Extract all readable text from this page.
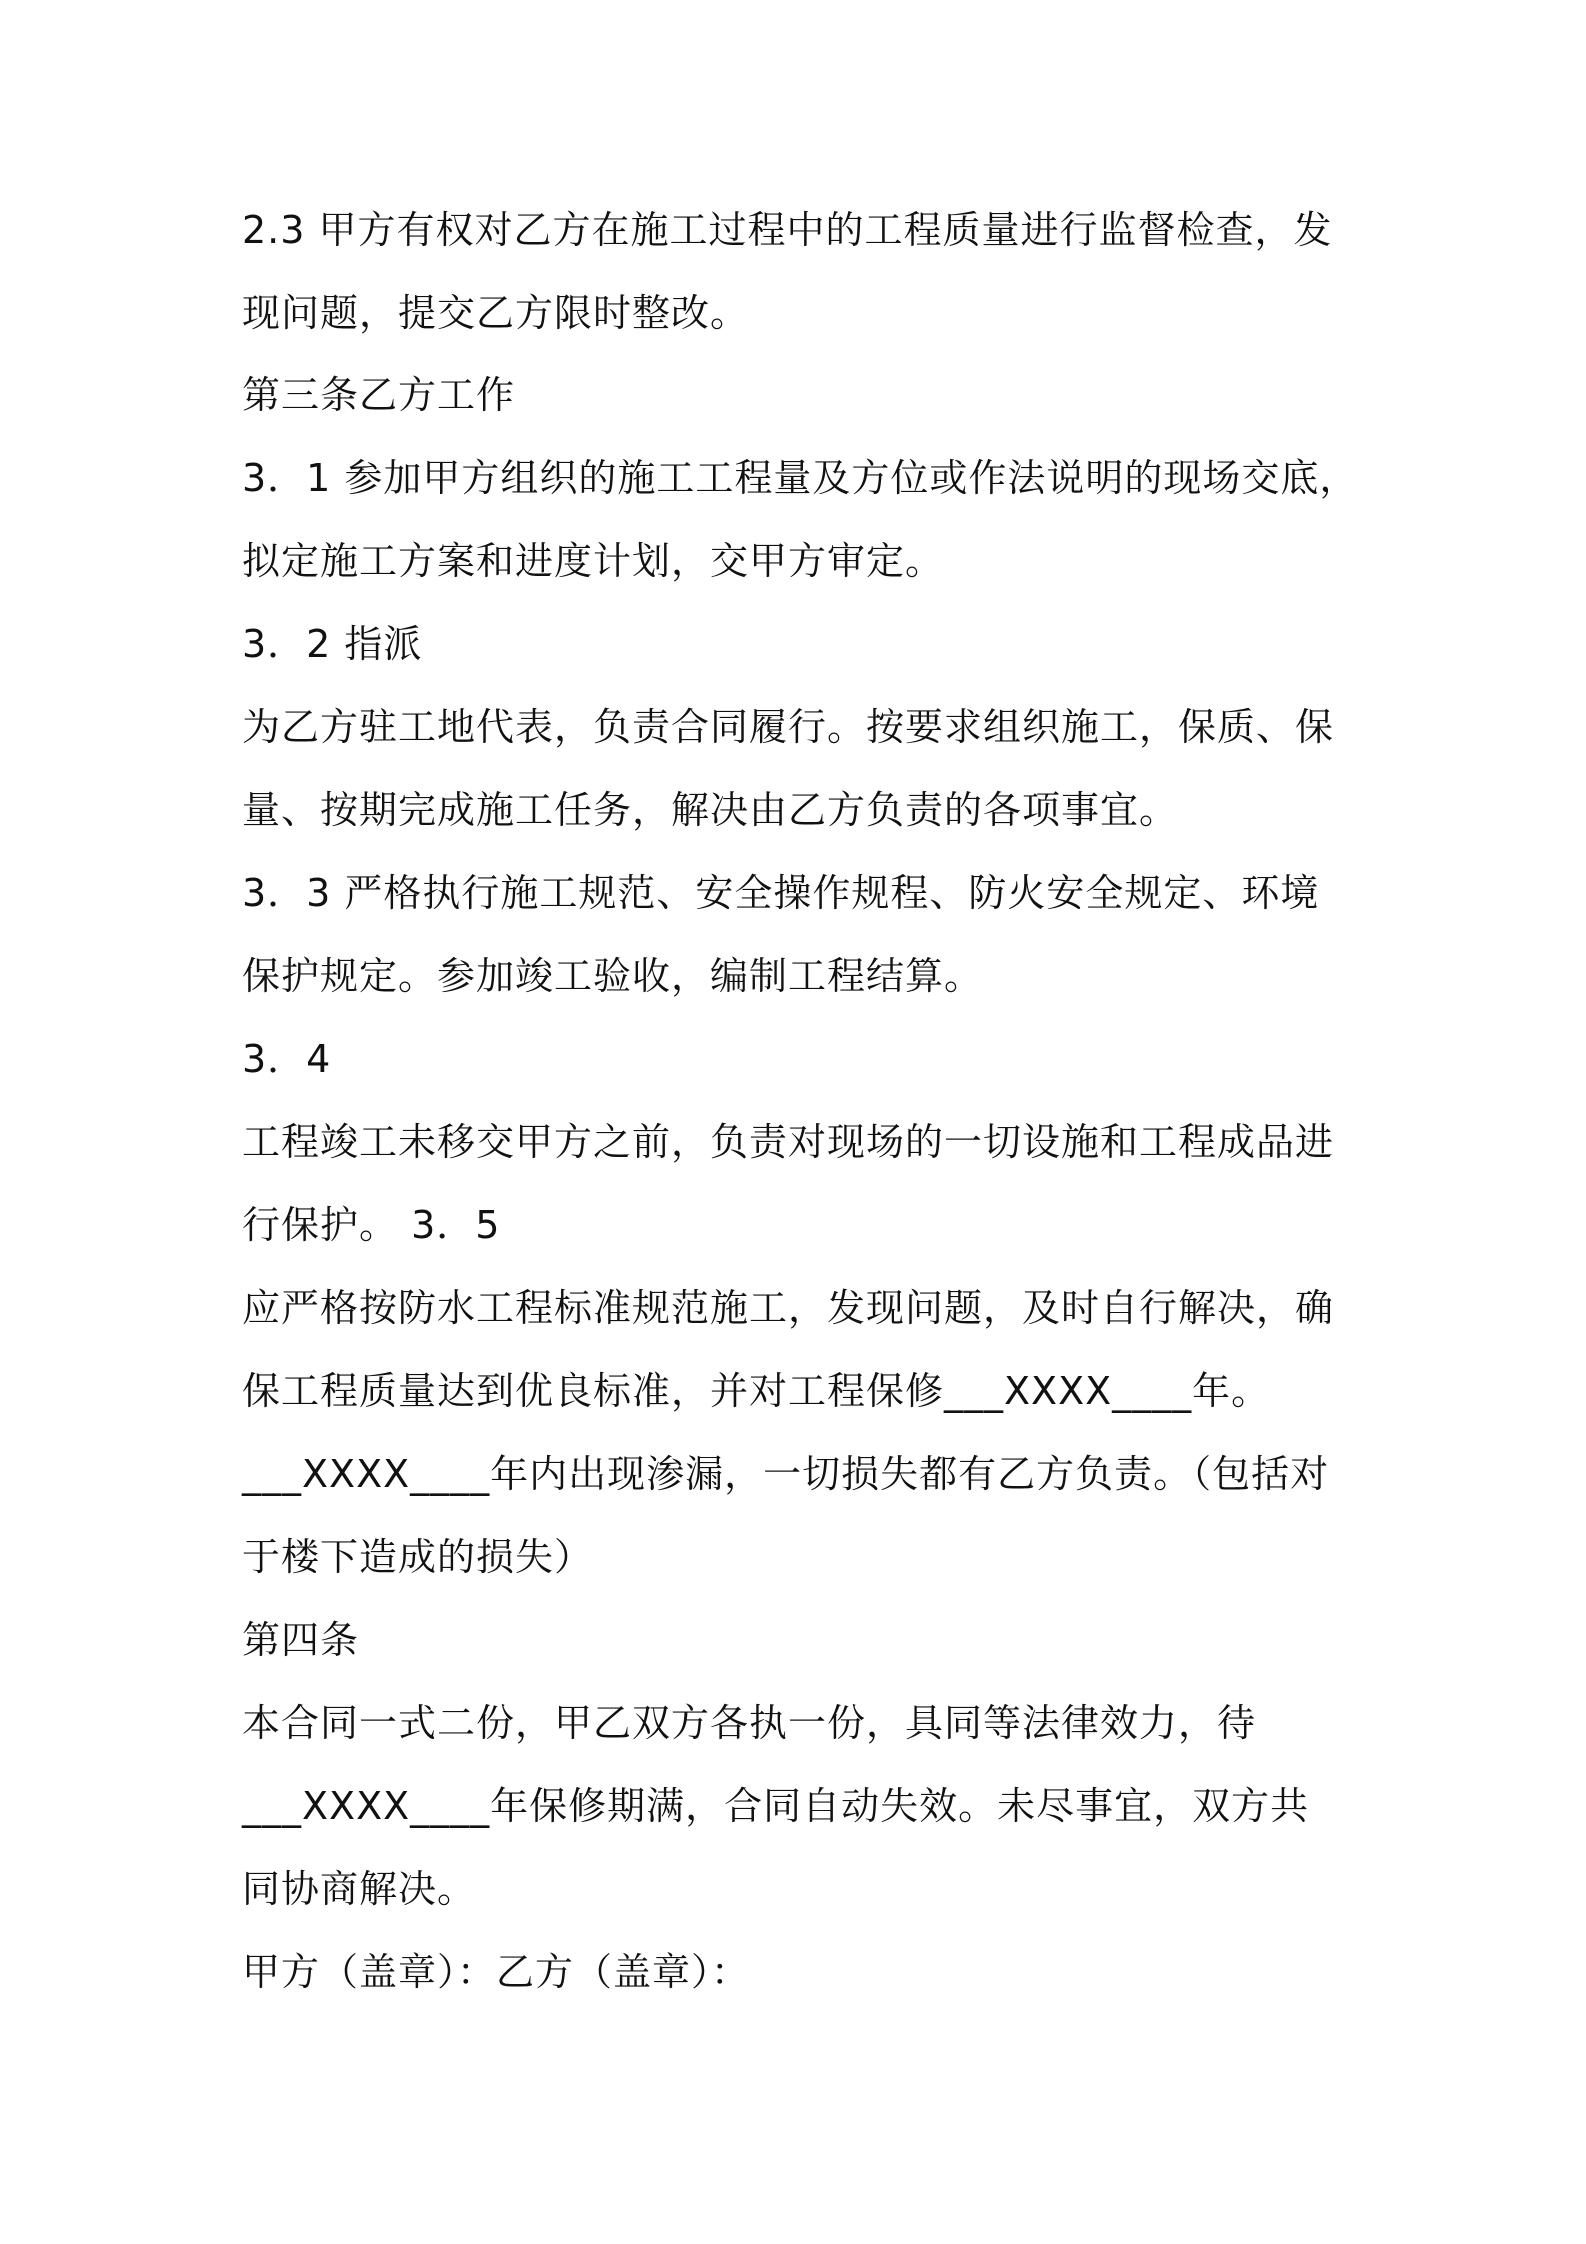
2.3 甲方有权对乙方在施工过程中的工程质量进行监督检查，发
现问题，提交乙方限时整改。
第三条乙方工作
3．1 参加甲方组织的施工工程量及方位或作法说明的现场交底，
拟定施工方案和进度计划，交甲方审定。
3．2 指派
为乙方驻工地代表，负责合同履行。按要求组织施工，保质、保
量、按期完成施工任务，解决由乙方负责的各项事宜。
3．3 严格执行施工规范、安全操作规程、防火安全规定、环境
保护规定。参加竣工验收，编制工程结算。
3．4
工程竣工未移交甲方之前，负责对现场的一切设施和工程成品进
行保护。 3．5
应严格按防水工程标准规范施工，发现问题，及时自行解决，确
保工程质量达到优良标准，并对工程保修___XXXX____年。
___XXXX____年内出现渗漏，一切损失都有乙方负责。（包括对
于楼下造成的损失）
第四条
本合同一式二份，甲乙双方各执一份，具同等法律效力，待
___XXXX____年保修期满，合同自动失效。未尽事宜，双方共
同协商解决。
甲方（盖章）：乙方（盖章）：
